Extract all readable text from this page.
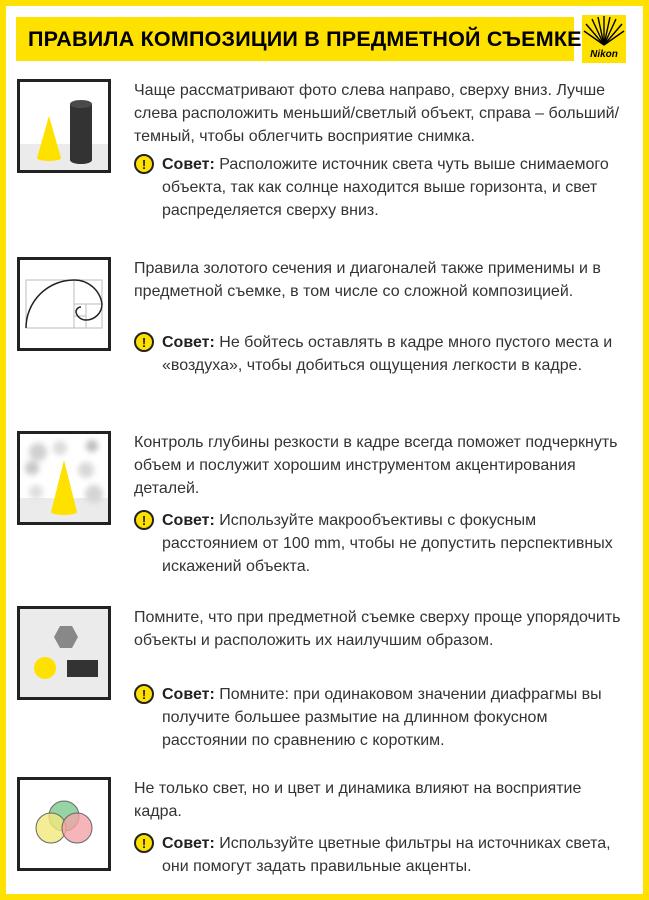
ПРАВИЛА КОМПОЗИЦИИ В ПРЕДМЕТНОЙ СЪЕМКЕ
Nikon
Чаще рассматривают фото слева направо, сверху вниз. Лучше слева расположить меньший/светлый объект, справа – больший/темный, чтобы облегчить восприятие снимка.
! Совет: Расположите источник света чуть выше снимаемого объекта, так как солнце находится выше горизонта, и свет распределяется сверху вниз.
Правила золотого сечения и диагоналей также применимы и в предметной съемке, в том числе со сложной композицией.
! Совет: Не бойтесь оставлять в кадре много пустого места и «воздуха», чтобы добиться ощущения легкости в кадре.
Контроль глубины резкости в кадре всегда поможет подчеркнуть объем и послужит хорошим инструментом акцентирования деталей.
! Совет: Используйте макрообъективы с фокусным расстоянием от 100 mm, чтобы не допустить перспективных искажений объекта.
Помните, что при предметной съемке сверху проще упорядочить объекты и расположить их наилучшим образом.
! Совет: Помните: при одинаковом значении диафрагмы вы получите большее размытие на длинном фокусном расстоянии по сравнению с коротким.
Не только свет, но и цвет и динамика влияют на восприятие кадра.
! Совет: Используйте цветные фильтры на источниках света, они помогут задать правильные акценты.
